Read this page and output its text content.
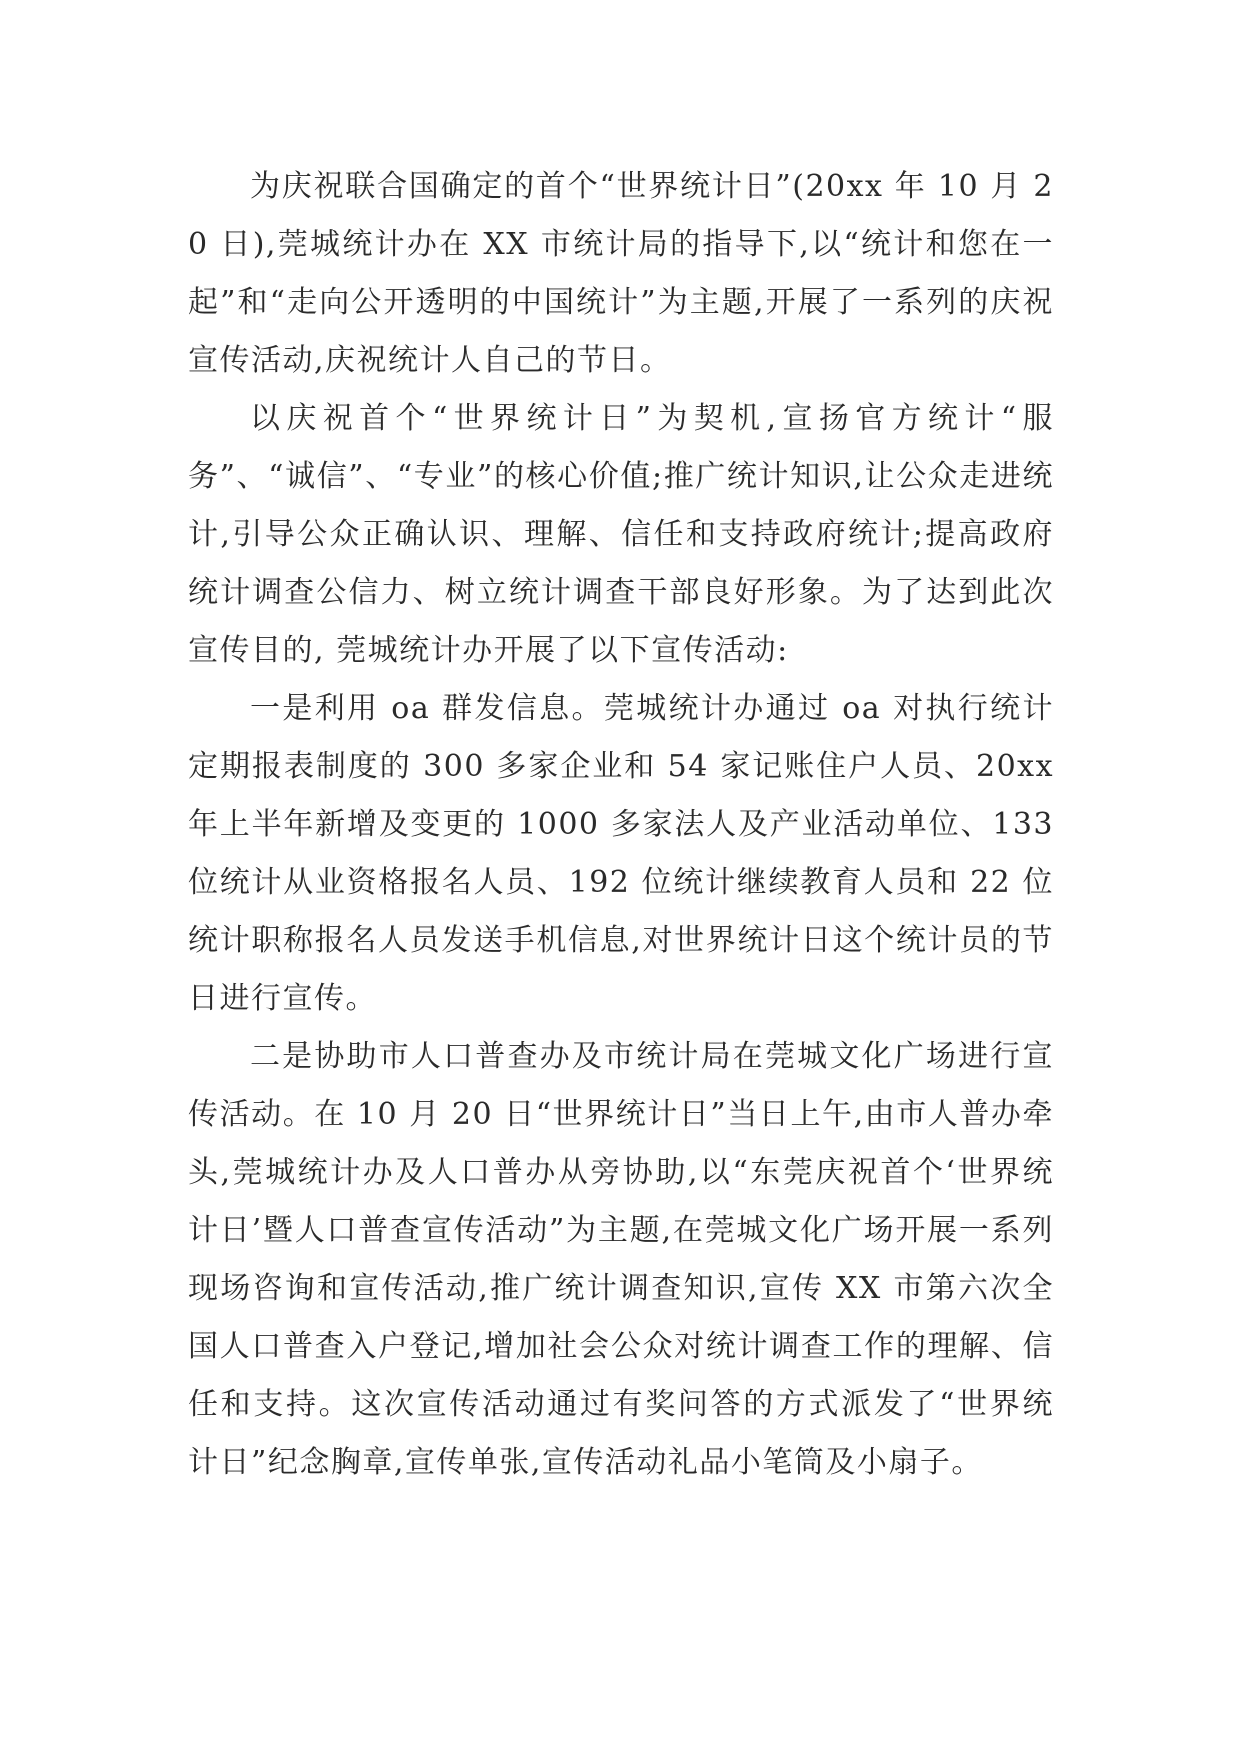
为庆祝联合国确定的首个“世界统计日”(20xx 年 10 月 20 日),莞城统计办在 XX 市统计局的指导下,以“统计和您在一起”和“走向公开透明的中国统计”为主题,开展了一系列的庆祝宣传活动,庆祝统计人自己的节日。

以庆祝首个“世界统计日”为契机,宣扬官方统计“服务”、“诚信”、“专业”的核心价值;推广统计知识,让公众走进统计,引导公众正确认识、理解、信任和支持政府统计;提高政府统计调查公信力、树立统计调查干部良好形象。为了达到此次宣传目的, 莞城统计办开展了以下宣传活动:

一是利用 oa 群发信息。莞城统计办通过 oa 对执行统计定期报表制度的 300 多家企业和 54 家记账住户人员、20xx 年上半年新增及变更的 1000 多家法人及产业活动单位、133 位统计从业资格报名人员、192 位统计继续教育人员和 22 位统计职称报名人员发送手机信息,对世界统计日这个统计员的节日进行宣传。

二是协助市人口普查办及市统计局在莞城文化广场进行宣传活动。在 10 月 20 日“世界统计日”当日上午,由市人普办牵头,莞城统计办及人口普办从旁协助,以“东莞庆祝首个‘世界统计日’暨人口普查宣传活动”为主题,在莞城文化广场开展一系列现场咨询和宣传活动,推广统计调查知识,宣传 XX 市第六次全国人口普查入户登记,增加社会公众对统计调查工作的理解、信任和支持。这次宣传活动通过有奖问答的方式派发了“世界统计日”纪念胸章,宣传单张,宣传活动礼品小笔筒及小扇子。
